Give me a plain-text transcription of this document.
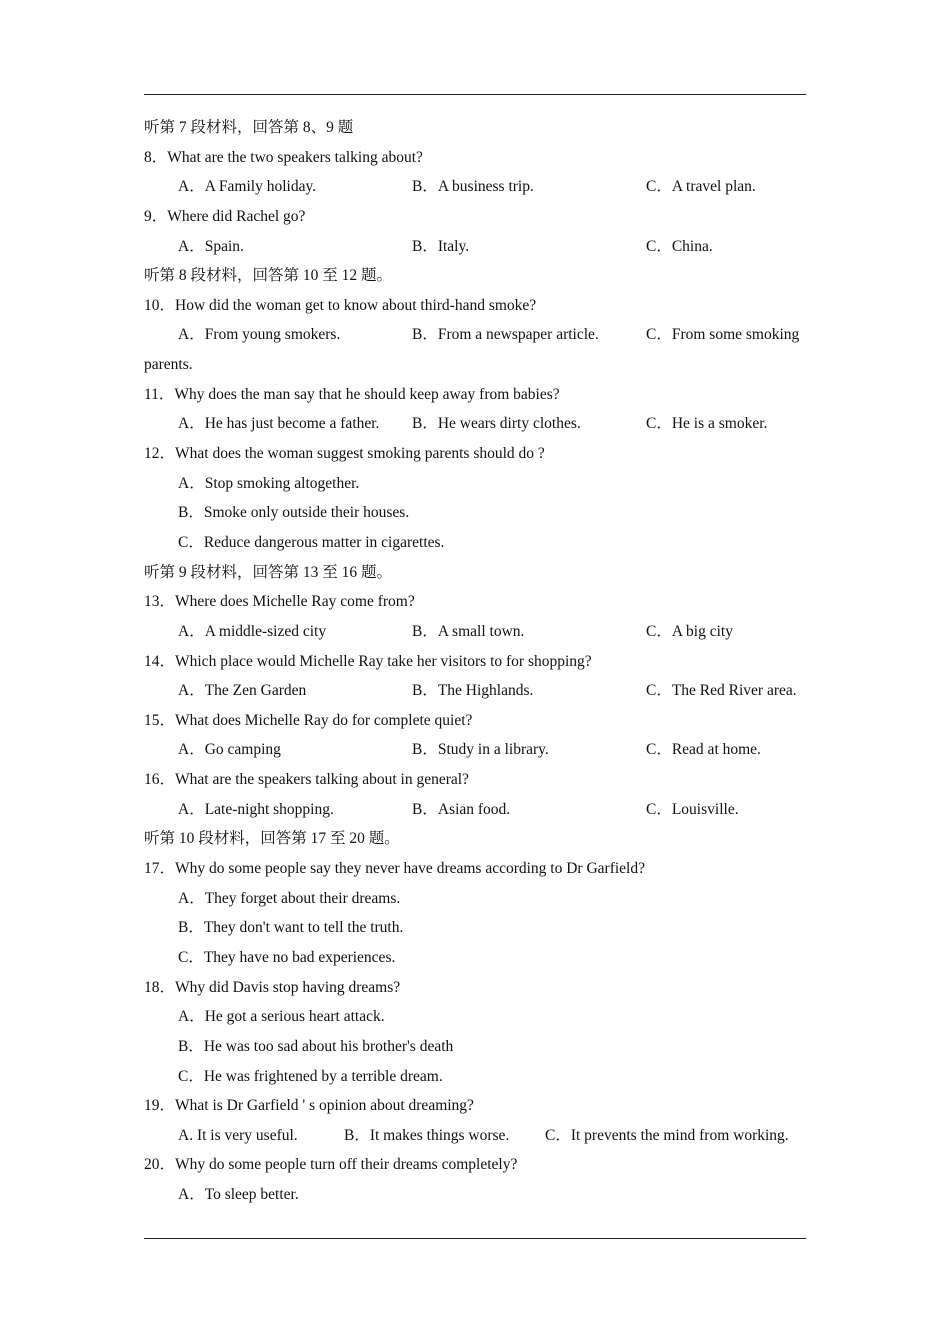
听第 7 段材料，回答第 8、9 题
8．What are the two speakers talking about?
A．A Family holiday.	B．A business trip.	C．A travel plan.
9．Where did Rachel go?
A．Spain.	B．Italy.	C．China.
听第 8 段材料，回答第 10 至 12 题。
10．How did the woman get to know about third-hand smoke?
A．From young smokers.	B．From a newspaper article.	C．From some smoking
parents.
11．Why does the man say that he should keep away from babies?
A．He has just become a father. B．He wears dirty clothes.	C．He is a smoker.
12．What does the woman suggest smoking parents should do ?
A．Stop smoking altogether.
B．Smoke only outside their houses.
C．Reduce dangerous matter in cigarettes.
听第 9 段材料，回答第 13 至 16 题。
13．Where does Michelle Ray come from?
A．A middle-sized city	B．A small town.	C．A big city
14．Which place would Michelle Ray take her visitors to for shopping?
A．The Zen Garden	B．The Highlands.	C．The Red River area.
15．What does Michelle Ray do for complete quiet?
A．Go camping	B．Study in a library.	C．Read at home.
16．What are the speakers talking about in general?
A．Late-night shopping.	B．Asian food.	C．Louisville.
听第 10 段材料，回答第 17 至 20 题。
17．Why do some people say they never have dreams according to Dr Garfield?
A．They forget about their dreams.
B．They don't want to tell the truth.
C．They have no bad experiences.
18．Why did Davis stop having dreams?
A．He got a serious heart attack.
B．He was too sad about his brother's death
C．He was frightened by a terrible dream.
19．What is Dr Garfield ' s opinion about dreaming?
A. It is very useful.	B．It makes things worse. C．It prevents the mind from working.
20．Why do some people turn off their dreams completely?
A．To sleep better.
